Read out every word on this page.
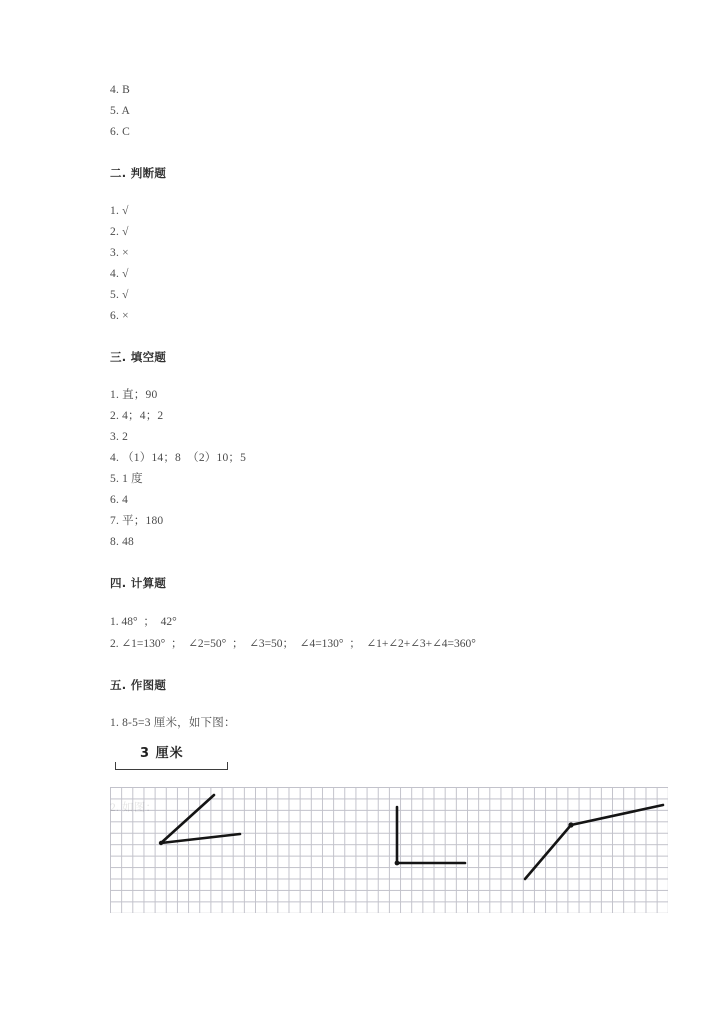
4. B
5. A
6. C
二. 判断题
1. √
2. √
3. ×
4. √
5. √
6. ×
三. 填空题
1. 直；90
2. 4；4；2
3. 2
4. （1）14；8  （2）10；5
5. 1 度
6. 4
7. 平；180
8. 48
四. 计算题
1. 48°  ；  42°
2. ∠1=130°  ；  ∠2=50°  ；  ∠3=50；  ∠4=130°  ；  ∠1+∠2+∠3+∠4=360°
五. 作图题
1. 8-5=3 厘米，如下图：
3 厘米
